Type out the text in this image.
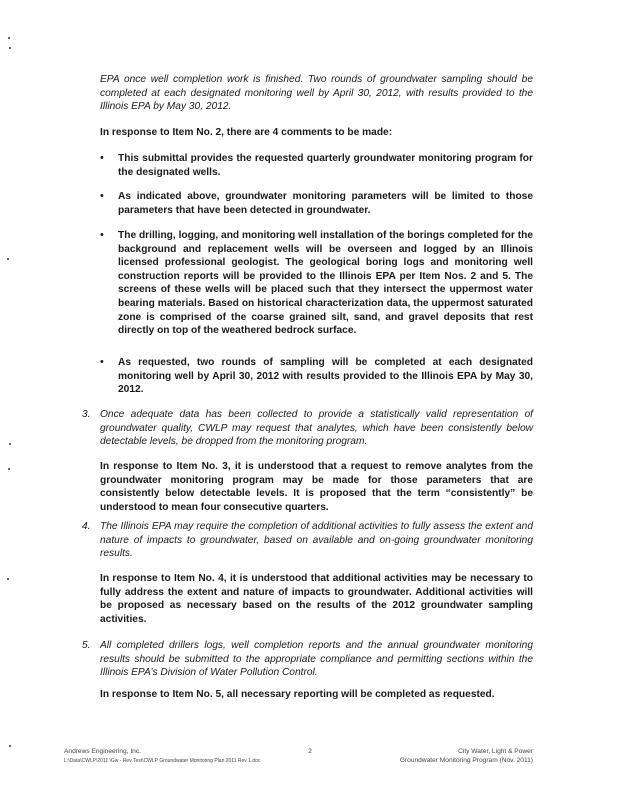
EPA once well completion work is finished. Two rounds of groundwater sampling should be completed at each designated monitoring well by April 30, 2012, with results provided to the Illinois EPA by May 30, 2012.

In response to Item No. 2, there are 4 comments to be made:

• This submittal provides the requested quarterly groundwater monitoring program for the designated wells.

• As indicated above, groundwater monitoring parameters will be limited to those parameters that have been detected in groundwater.

• The drilling, logging, and monitoring well installation of the borings completed for the background and replacement wells will be overseen and logged by an Illinois licensed professional geologist. The geological boring logs and monitoring well construction reports will be provided to the Illinois EPA per Item Nos. 2 and 5. The screens of these wells will be placed such that they intersect the uppermost water bearing materials. Based on historical characterization data, the uppermost saturated zone is comprised of the coarse grained silt, sand, and gravel deposits that rest directly on top of the weathered bedrock surface.

• As requested, two rounds of sampling will be completed at each designated monitoring well by April 30, 2012 with results provided to the Illinois EPA by May 30, 2012.

3. Once adequate data has been collected to provide a statistically valid representation of groundwater quality, CWLP may request that analytes, which have been consistently below detectable levels, be dropped from the monitoring program.

In response to Item No. 3, it is understood that a request to remove analytes from the groundwater monitoring program may be made for those parameters that are consistently below detectable levels. It is proposed that the term “consistently” be understood to mean four consecutive quarters.

4. The Illinois EPA may require the completion of additional activities to fully assess the extent and nature of impacts to groundwater, based on available and on-going groundwater monitoring results.

In response to Item No. 4, it is understood that additional activities may be necessary to fully address the extent and nature of impacts to groundwater. Additional activities will be proposed as necessary based on the results of the 2012 groundwater sampling activities.

5. All completed drillers logs, well completion reports and the annual groundwater monitoring results should be submitted to the appropriate compliance and permitting sections within the Illinois EPA’s Division of Water Pollution Control.

In response to Item No. 5, all necessary reporting will be completed as requested.

Andrews Engineering, Inc.
L:\Data\CWLP\2011 \Gw - Rev Test\CWLP Groundwater Monitoring Plan 2011 Rev 1.doc
2	City Water, Light & Power
Groundwater Monitoring Program (Nov. 2011)
